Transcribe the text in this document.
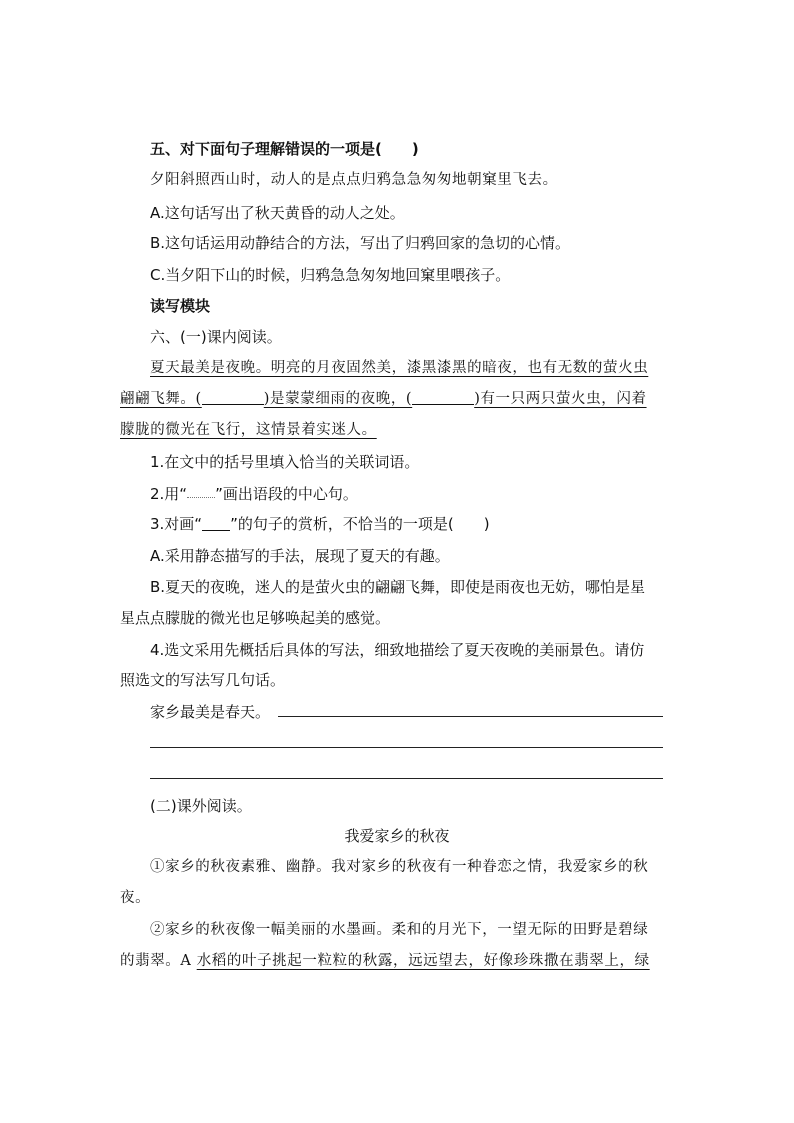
五、对下面句子理解错误的一项是(　　)
夕阳斜照西山时，动人的是点点归鸦急急匆匆地朝窠里飞去。
A.这句话写出了秋天黄昏的动人之处。
B.这句话运用动静结合的方法，写出了归鸦回家的急切的心情。
C.当夕阳下山的时候，归鸦急急匆匆地回窠里喂孩子。
读写模块
六、(一)课内阅读。
夏天最美是夜晚。明亮的月夜固然美，漆黑漆黑的暗夜，也有无数的萤火虫
翩翩飞舞。(	)是蒙蒙细雨的夜晚，(	)有一只两只萤火虫，闪着
朦胧的微光在飞行，这情景着实迷人。
1.在文中的括号里填入恰当的关联词语。
2.用“ ”画出语段的中心句。
3.对画“ ”的句子的赏析，不恰当的一项是(　　)
A.采用静态描写的手法，展现了夏天的有趣。
B.夏天的夜晚，迷人的是萤火虫的翩翩飞舞，即使是雨夜也无妨，哪怕是星
星点点朦胧的微光也足够唤起美的感觉。
4.选文采用先概括后具体的写法，细致地描绘了夏天夜晚的美丽景色。请仿
照选文的写法写几句话。
家乡最美是春天。
(二)课外阅读。
我爱家乡的秋夜
①家乡的秋夜素雅、幽静。我对家乡的秋夜有一种眷恋之情，我爱家乡的秋
夜。
②家乡的秋夜像一幅美丽的水墨画。柔和的月光下，一望无际的田野是碧绿
的翡翠。A 水稻的叶子挑起一粒粒的秋露，远远望去，好像珍珠撒在翡翠上，绿
